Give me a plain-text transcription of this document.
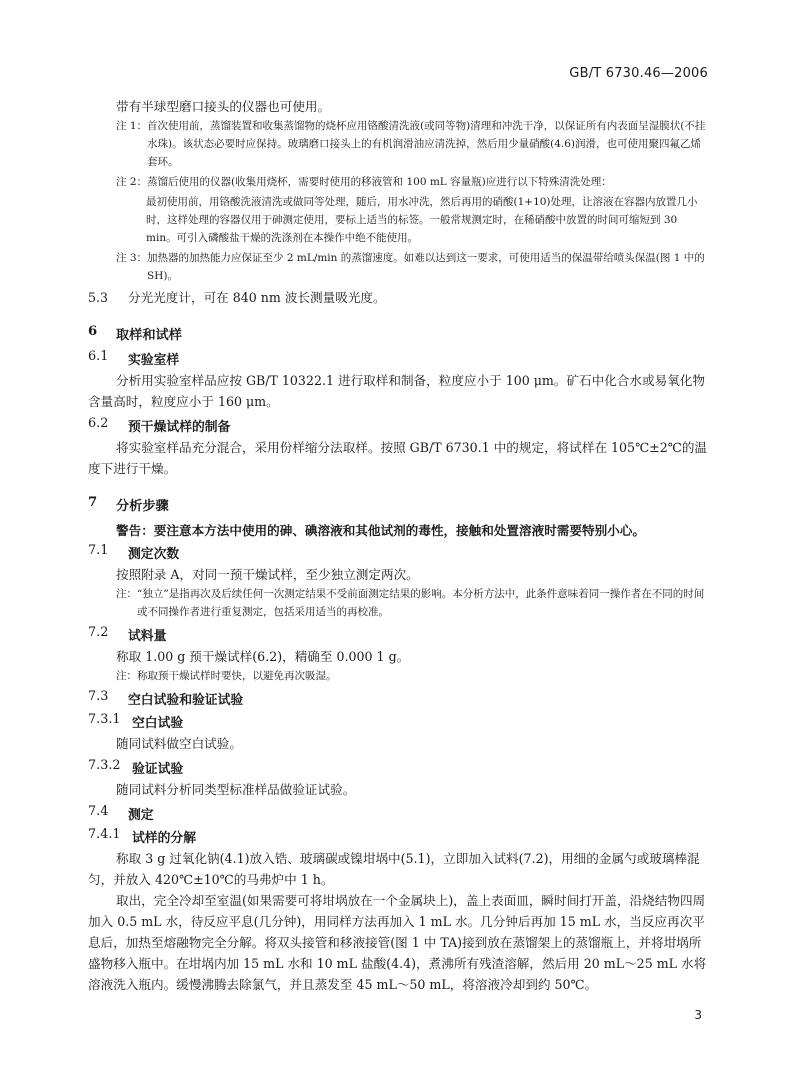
GB/T 6730.46—2006

带有半球型磨口接头的仪器也可使用。

注 1： 首次使用前，蒸馏装置和收集蒸馏物的烧杯应用铬酸清洗液(或同等物)清理和冲洗干净，以保证所有内表面呈湿膜状(不挂水珠)。该状态必要时应保持。玻璃磨口接头上的有机润滑油应清洗掉，然后用少量硝酸(4.6)润滑，也可使用聚四氟乙烯套环。
注 2： 蒸馏后使用的仪器(收集用烧杯，需要时使用的移液管和 100 mL 容量瓶)应进行以下特殊清洗处理：

最初使用前，用铬酸洗液清洗或做同等处理，随后，用水冲洗，然后再用的硝酸(1+10)处理，让溶液在容器内放置几小时，这样处理的容器仅用于砷测定使用，要标上适当的标签。一般常规测定时，在稀硝酸中放置的时间可缩短到 30 min。可引入磷酸盐干燥的洗涤剂在本操作中绝不能使用。

注 3： 加热器的加热能力应保证至少 2 mL/min 的蒸馏速度。如难以达到这一要求，可使用适当的保温带给喷头保温(图 1 中的 SH)。
5.3	分光光度计，可在 840 nm 波长测量吸光度。
6	取样和试样
6.1	实验室样

分析用实验室样品应按 GB/T 10322.1 进行取样和制备，粒度应小于 100 μm。矿石中化合水或易氧化物含量高时，粒度应小于 160 μm。

6.2	预干燥试样的制备

将实验室样品充分混合，采用份样缩分法取样。按照 GB/T 6730.1 中的规定，将试样在 105℃±2℃的温度下进行干燥。

7	分析步骤

警告：要注意本方法中使用的砷、碘溶液和其他试剂的毒性，接触和处置溶液时需要特别小心。

7.1	测定次数

按照附录 A，对同一预干燥试样，至少独立测定两次。

注： “独立”是指再次及后续任何一次测定结果不受前面测定结果的影响。本分析方法中，此条件意味着同一操作者在不同的时间或不同操作者进行重复测定，包括采用适当的再校准。
7.2	试料量

称取 1.00 g 预干燥试样(6.2)，精确至 0.000 1 g。

注： 称取预干燥试样时要快，以避免再次吸湿。
7.3	空白试验和验证试验
7.3.1 空白试验

随同试料做空白试验。

7.3.2 验证试验

随同试料分析同类型标准样品做验证试验。

7.4	测定
7.4.1 试样的分解

称取 3 g 过氧化钠(4.1)放入锆、玻璃碳或镍坩埚中(5.1)，立即加入试料(7.2)，用细的金属勺或玻璃棒混匀，并放入 420℃±10℃的马弗炉中 1 h。

取出，完全冷却至室温(如果需要可将坩埚放在一个金属块上)，盖上表面皿，瞬时间打开盖，沿烧结物四周加入 0.5 mL 水，待反应平息(几分钟)，用同样方法再加入 1 mL 水。几分钟后再加 15 mL 水，当反应再次平息后，加热至熔融物完全分解。将双头接管和移液接管(图 1 中 TA)接到放在蒸馏架上的蒸馏瓶上，并将坩埚所盛物移入瓶中。在坩埚内加 15 mL 水和 10 mL 盐酸(4.4)，煮沸所有残渣溶解，然后用 20 mL～25 mL 水将溶液洗入瓶内。缓慢沸腾去除氯气，并且蒸发至 45 mL～50 mL，将溶液冷却到约 50℃。

3
